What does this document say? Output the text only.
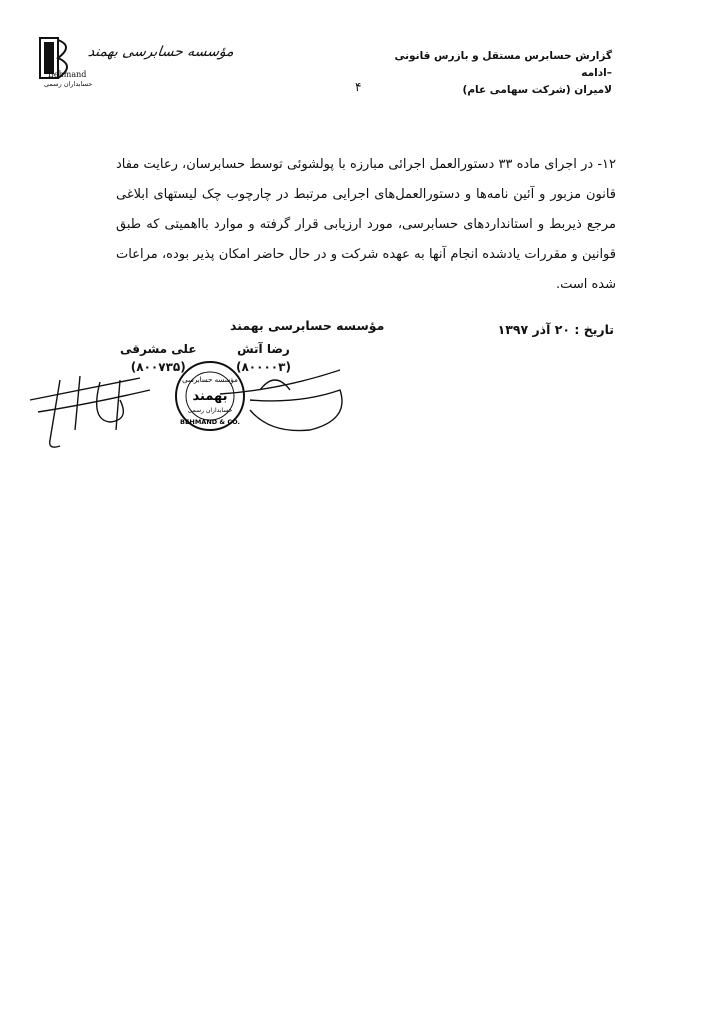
مؤسسه حسابرسی بهمند
Behmand
حسابداران رسمی
گزارش حسابرس مستقل و بازرس قانونی –ادامه
لامیران (شرکت سهامی عام)
۴
۱۲- در اجرای ماده ۳۳ دستورالعمل اجرائی مبارزه با پولشوئی توسط حسابرسان، رعایت مفاد قانون مزبور و آئین نامه‌ها و دستورالعمل‌های اجرایی مرتبط در چارچوب چک لیستهای ابلاغی مرجع ذیربط و استانداردهای حسابرسی، مورد ارزیابی قرار گرفته و موارد بااهمیتی که طبق قوانین و مقررات یادشده انجام آنها به عهده شرکت و در حال حاضر امکان پذیر بوده، مراعات شده است.
تاریخ : ۲۰ آذر ۱۳۹۷
مؤسسه حسابرسی بهمند
رضا آتش
(۸۰۰۰۰۳)
علی مشرقی
(۸۰۰۷۳۵)
مؤسسه حسابرسی
بهمند
حسابداران رسمی
BEHMAND & CO.
